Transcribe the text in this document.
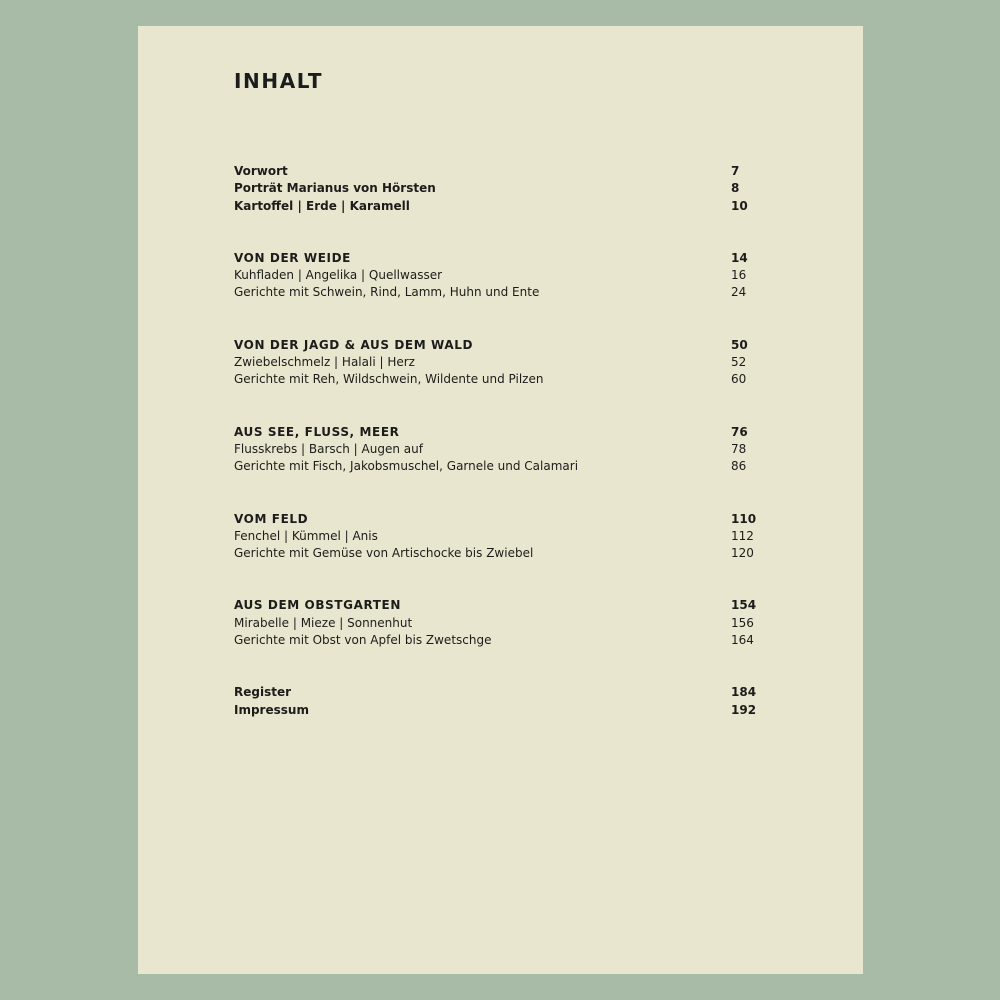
INHALT
Vorwort	7
Porträt Marianus von Hörsten	8
Kartoffel | Erde | Karamell	10
VON DER WEIDE	14
Kuhfladen | Angelika | Quellwasser	16
Gerichte mit Schwein, Rind, Lamm, Huhn und Ente	24
VON DER JAGD & AUS DEM WALD	50
Zwiebelschmelz | Halali | Herz	52
Gerichte mit Reh, Wildschwein, Wildente und Pilzen	60
AUS SEE, FLUSS, MEER	76
Flusskrebs | Barsch | Augen auf	78
Gerichte mit Fisch, Jakobsmuschel, Garnele und Calamari	86
VOM FELD	110
Fenchel | Kümmel | Anis	112
Gerichte mit Gemüse von Artischocke bis Zwiebel	120
AUS DEM OBSTGARTEN	154
Mirabelle | Mieze | Sonnenhut	156
Gerichte mit Obst von Apfel bis Zwetschge	164
Register	184
Impressum	192
